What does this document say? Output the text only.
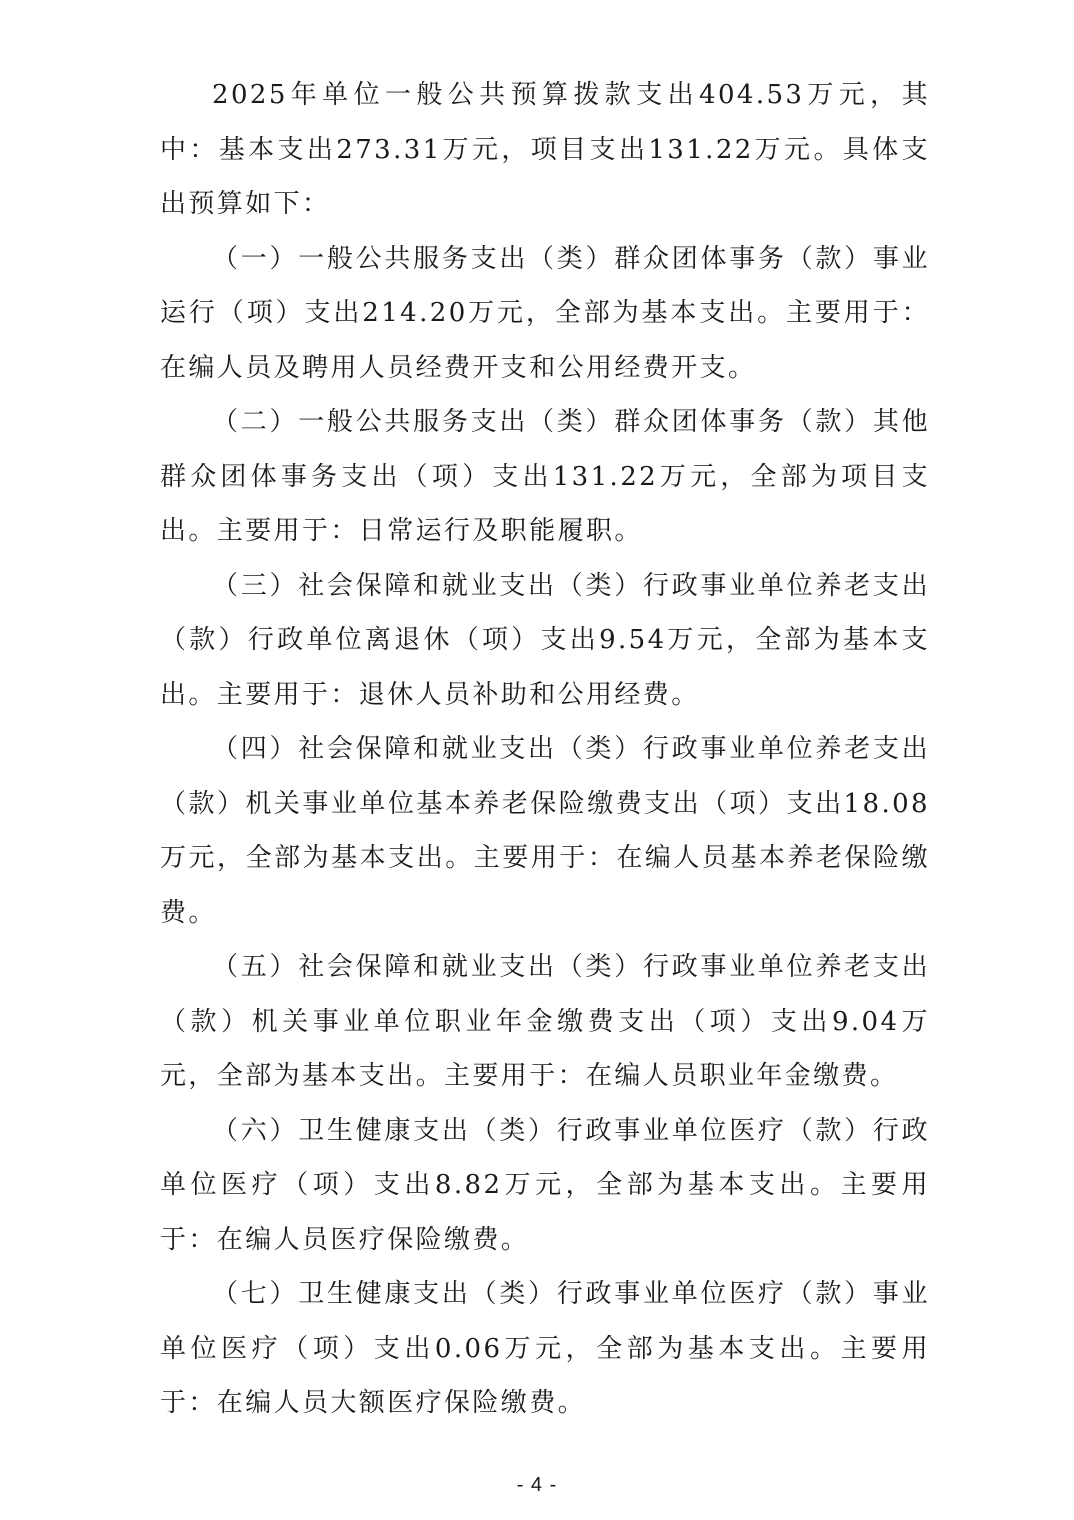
2025年单位一般公共预算拨款支出404.53万元，其中：基本支出273.31万元，项目支出131.22万元。具体支出预算如下：

（一）一般公共服务支出（类）群众团体事务（款）事业运行（项）支出214.20万元，全部为基本支出。主要用于：在编人员及聘用人员经费开支和公用经费开支。

（二）一般公共服务支出（类）群众团体事务（款）其他群众团体事务支出（项）支出131.22万元，全部为项目支出。主要用于：日常运行及职能履职。

（三）社会保障和就业支出（类）行政事业单位养老支出（款）行政单位离退休（项）支出9.54万元，全部为基本支出。主要用于：退休人员补助和公用经费。

（四）社会保障和就业支出（类）行政事业单位养老支出（款）机关事业单位基本养老保险缴费支出（项）支出18.08万元，全部为基本支出。主要用于：在编人员基本养老保险缴费。

（五）社会保障和就业支出（类）行政事业单位养老支出（款）机关事业单位职业年金缴费支出（项）支出9.04万元，全部为基本支出。主要用于：在编人员职业年金缴费。

（六）卫生健康支出（类）行政事业单位医疗（款）行政单位医疗（项）支出8.82万元，全部为基本支出。主要用于：在编人员医疗保险缴费。

（七）卫生健康支出（类）行政事业单位医疗（款）事业单位医疗（项）支出0.06万元，全部为基本支出。主要用于：在编人员大额医疗保险缴费。

- 4 -
